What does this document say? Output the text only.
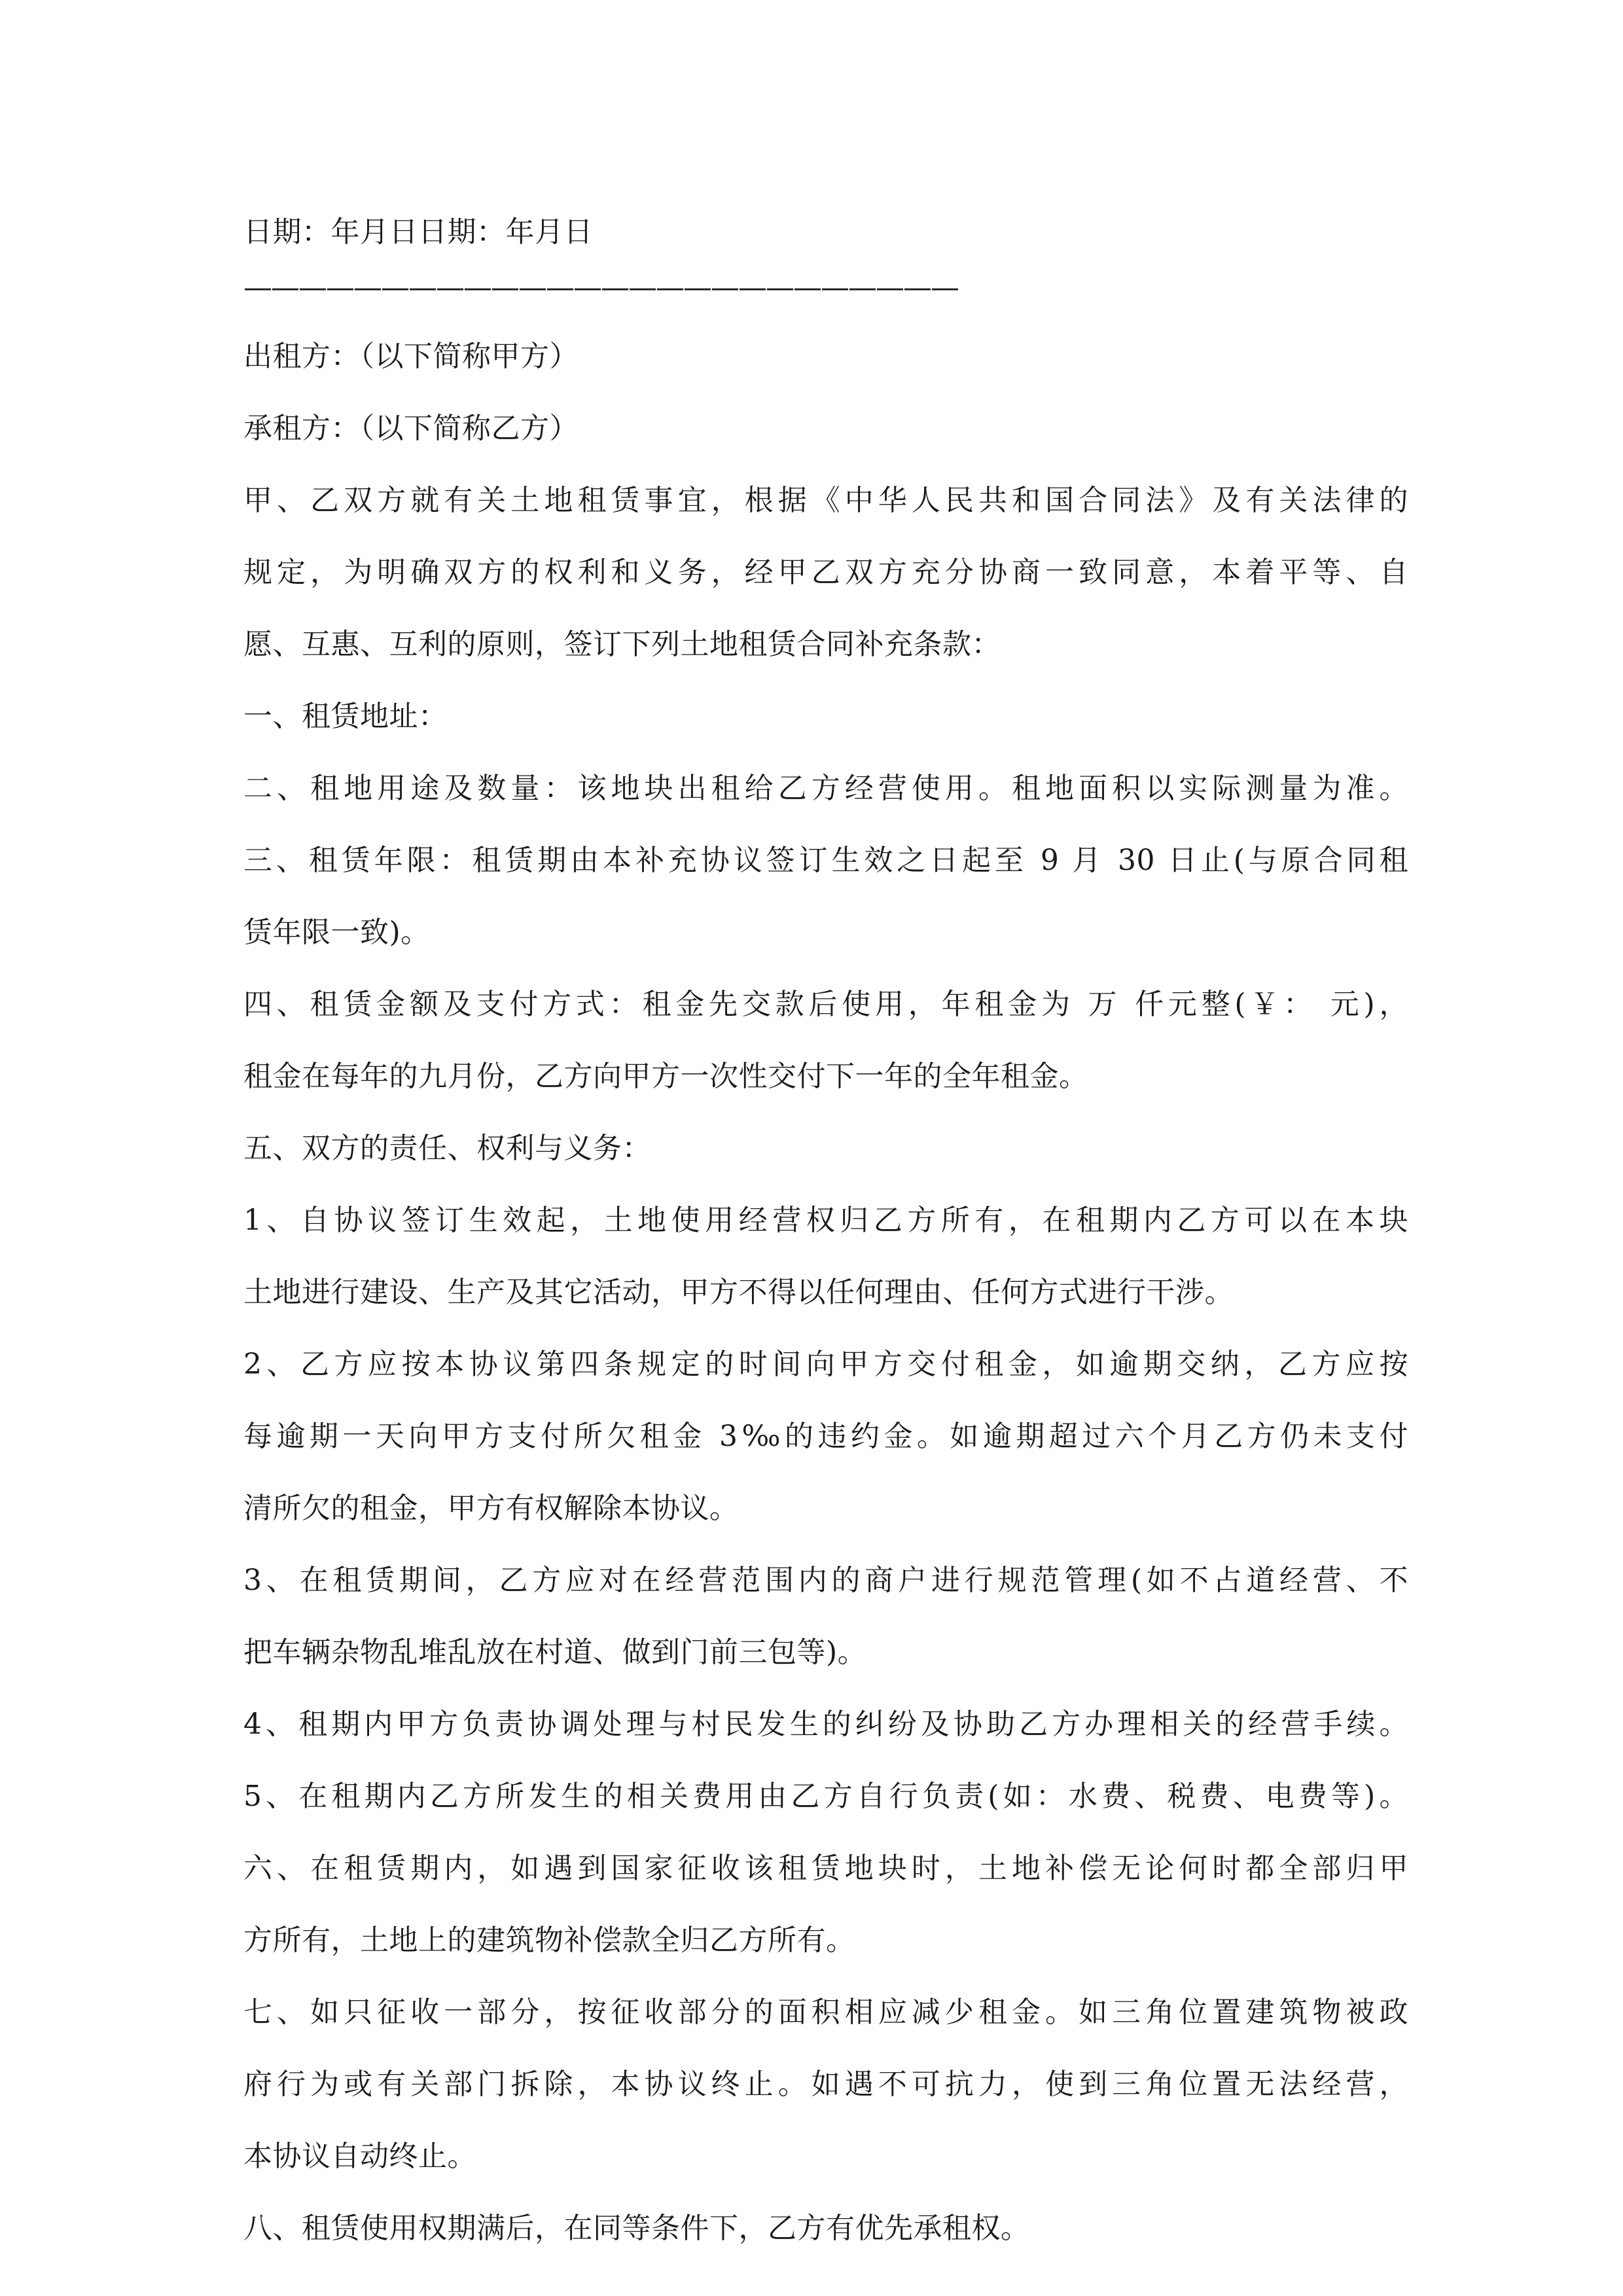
日期：年月日日期：年月日
——————————————————————————
出租方：（以下简称甲方）
承租方：（以下简称乙方）
甲、乙双方就有关土地租赁事宜，根据《中华人民共和国合同法》及有关法律的
规定，为明确双方的权利和义务，经甲乙双方充分协商一致同意，本着平等、自
愿、互惠、互利的原则，签订下列土地租赁合同补充条款：
一、租赁地址：
二、租地用途及数量：该地块出租给乙方经营使用。租地面积以实际测量为准。
三、租赁年限：租赁期由本补充协议签订生效之日起至 9 月 30 日止(与原合同租
赁年限一致)。
四、租赁金额及支付方式：租金先交款后使用，年租金为 万 仟元整(￥： 元)，
租金在每年的九月份，乙方向甲方一次性交付下一年的全年租金。
五、双方的责任、权利与义务：
1、自协议签订生效起，土地使用经营权归乙方所有，在租期内乙方可以在本块
土地进行建设、生产及其它活动，甲方不得以任何理由、任何方式进行干涉。
2、乙方应按本协议第四条规定的时间向甲方交付租金，如逾期交纳，乙方应按
每逾期一天向甲方支付所欠租金 3‰的违约金。如逾期超过六个月乙方仍未支付
清所欠的租金，甲方有权解除本协议。
3、在租赁期间，乙方应对在经营范围内的商户进行规范管理(如不占道经营、不
把车辆杂物乱堆乱放在村道、做到门前三包等)。
4、租期内甲方负责协调处理与村民发生的纠纷及协助乙方办理相关的经营手续。
5、在租期内乙方所发生的相关费用由乙方自行负责(如：水费、税费、电费等)。
六、在租赁期内，如遇到国家征收该租赁地块时，土地补偿无论何时都全部归甲
方所有，土地上的建筑物补偿款全归乙方所有。
七、如只征收一部分，按征收部分的面积相应减少租金。如三角位置建筑物被政
府行为或有关部门拆除，本协议终止。如遇不可抗力，使到三角位置无法经营，
本协议自动终止。
八、租赁使用权期满后，在同等条件下，乙方有优先承租权。
